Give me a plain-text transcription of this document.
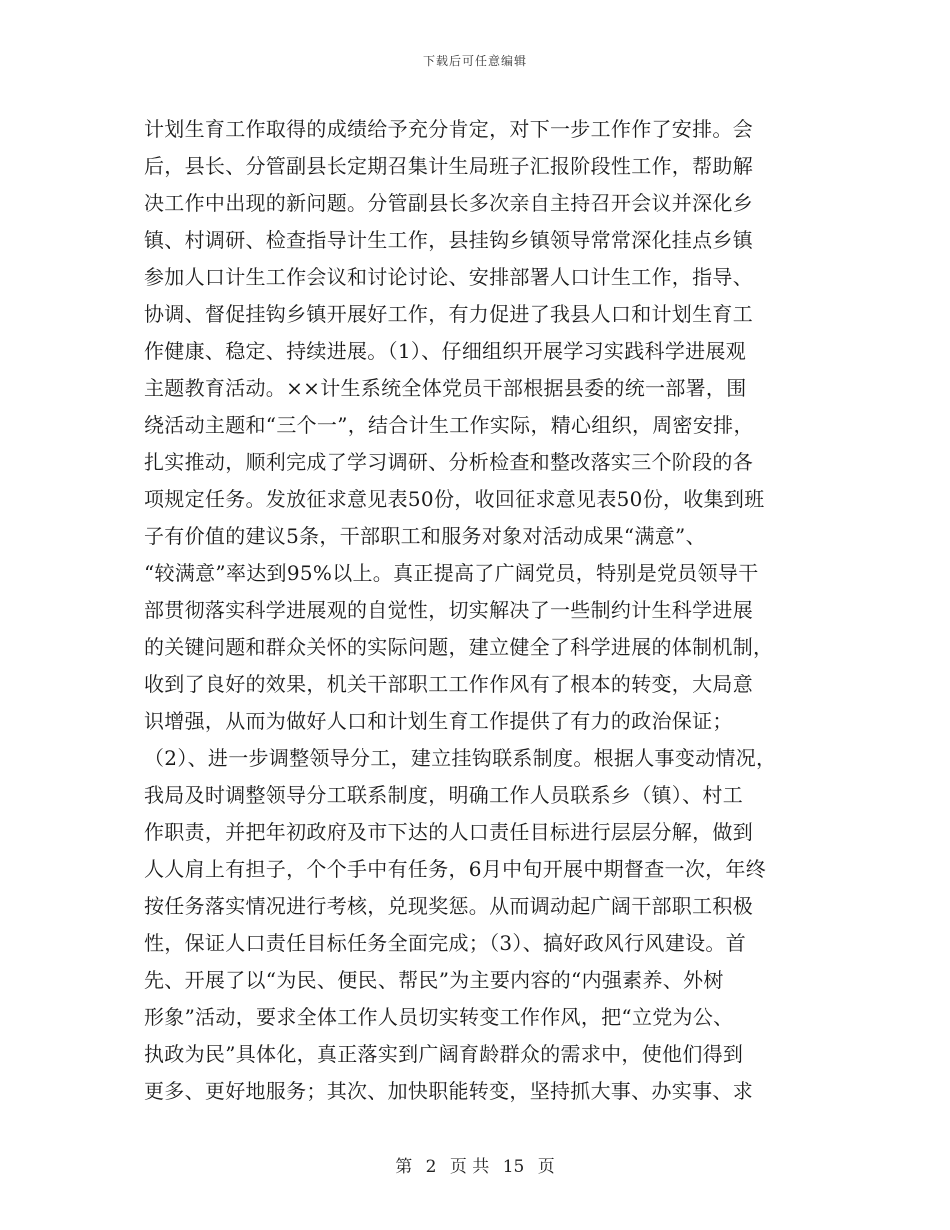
下载后可任意编辑
计划生育工作取得的成绩给予充分肯定，对下一步工作作了安排。会
后，县长、分管副县长定期召集计生局班子汇报阶段性工作，帮助解
决工作中出现的新问题。分管副县长多次亲自主持召开会议并深化乡
镇、村调研、检查指导计生工作，县挂钩乡镇领导常常深化挂点乡镇
参加人口计生工作会议和讨论讨论、安排部署人口计生工作，指导、
协调、督促挂钩乡镇开展好工作，有力促进了我县人口和计划生育工
作健康、稳定、持续进展。（1）、仔细组织开展学习实践科学进展观
主题教育活动。××计生系统全体党员干部根据县委的统一部署，围
绕活动主题和“三个一”，结合计生工作实际，精心组织，周密安排，
扎实推动，顺利完成了学习调研、分析检查和整改落实三个阶段的各
项规定任务。发放征求意见表50份，收回征求意见表50份，收集到班
子有价值的建议5条，干部职工和服务对象对活动成果“满意”、
“较满意”率达到95%以上。真正提高了广阔党员，特别是党员领导干
部贯彻落实科学进展观的自觉性，切实解决了一些制约计生科学进展
的关键问题和群众关怀的实际问题，建立健全了科学进展的体制机制，
收到了良好的效果，机关干部职工工作作风有了根本的转变，大局意
识增强，从而为做好人口和计划生育工作提供了有力的政治保证；
（2）、进一步调整领导分工，建立挂钩联系制度。根据人事变动情况，
我局及时调整领导分工联系制度，明确工作人员联系乡（镇）、村工
作职责，并把年初政府及市下达的人口责任目标进行层层分解，做到
人人肩上有担子，个个手中有任务，6月中旬开展中期督查一次，年终
按任务落实情况进行考核，兑现奖惩。从而调动起广阔干部职工积极
性，保证人口责任目标任务全面完成；（3）、搞好政风行风建设。首
先、开展了以“为民、便民、帮民”为主要内容的“内强素养、外树
形象”活动，要求全体工作人员切实转变工作作风，把“立党为公、
执政为民”具体化，真正落实到广阔育龄群众的需求中，使他们得到
更多、更好地服务；其次、加快职能转变，坚持抓大事、办实事、求
第 2 页 共 15 页
